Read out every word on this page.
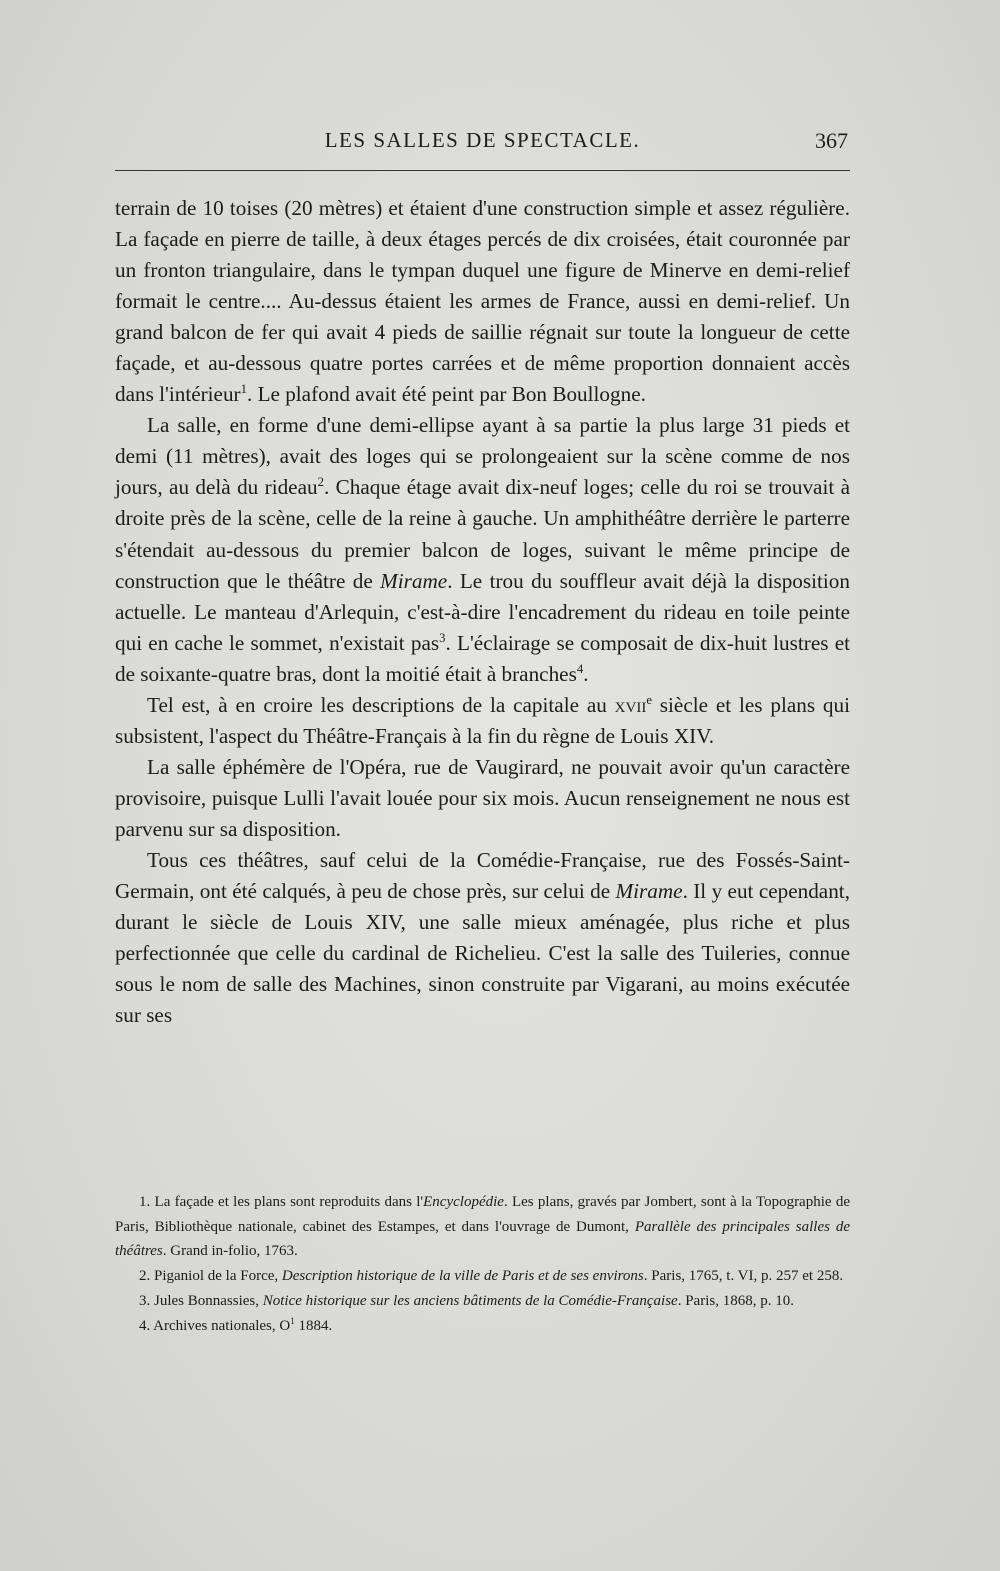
LES SALLES DE SPECTACLE.	367

terrain de 10 toises (20 mètres) et étaient d'une construction simple et assez régulière. La façade en pierre de taille, à deux étages percés de dix croisées, était couronnée par un fronton triangulaire, dans le tympan duquel une figure de Minerve en demi-relief formait le centre.... Au-dessus étaient les armes de France, aussi en demi-relief. Un grand balcon de fer qui avait 4 pieds de saillie régnait sur toute la longueur de cette façade, et au-dessous quatre portes carrées et de même proportion donnaient accès dans l'intérieur$^1$. Le plafond avait été peint par Bon Boullogne.

La salle, en forme d'une demi-ellipse ayant à sa partie la plus large 31 pieds et demi (11 mètres), avait des loges qui se prolongeaient sur la scène comme de nos jours, au delà du rideau$^2$. Chaque étage avait dix-neuf loges; celle du roi se trouvait à droite près de la scène, celle de la reine à gauche. Un amphithéâtre derrière le parterre s'étendait au-dessous du premier balcon de loges, suivant le même principe de construction que le théâtre de Mirame. Le trou du souffleur avait déjà la disposition actuelle. Le manteau d'Arlequin, c'est-à-dire l'encadrement du rideau en toile peinte qui en cache le sommet, n'existait pas$^3$. L'éclairage se composait de dix-huit lustres et de soixante-quatre bras, dont la moitié était à branches$^4$.

Tel est, à en croire les descriptions de la capitale au xvii$^e$ siècle et les plans qui subsistent, l'aspect du Théâtre-Français à la fin du règne de Louis XIV.

La salle éphémère de l'Opéra, rue de Vaugirard, ne pouvait avoir qu'un caractère provisoire, puisque Lulli l'avait louée pour six mois. Aucun renseignement ne nous est parvenu sur sa disposition.

Tous ces théâtres, sauf celui de la Comédie-Française, rue des Fossés-Saint-Germain, ont été calqués, à peu de chose près, sur celui de Mirame. Il y eut cependant, durant le siècle de Louis XIV, une salle mieux aménagée, plus riche et plus perfectionnée que celle du cardinal de Richelieu. C'est la salle des Tuileries, connue sous le nom de salle des Machines, sinon construite par Vigarani, au moins exécutée sur ses

1. La façade et les plans sont reproduits dans l'Encyclopédie. Les plans, gravés par Jombert, sont à la Topographie de Paris, Bibliothèque nationale, cabinet des Estampes, et dans l'ouvrage de Dumont, Parallèle des principales salles de théâtres. Grand in-folio, 1763.

2. Piganiol de la Force, Description historique de la ville de Paris et de ses environs. Paris, 1765, t. VI, p. 257 et 258.

3. Jules Bonnassies, Notice historique sur les anciens bâtiments de la Comédie-Française. Paris, 1868, p. 10.

4. Archives nationales, $O^1$ 1884.
